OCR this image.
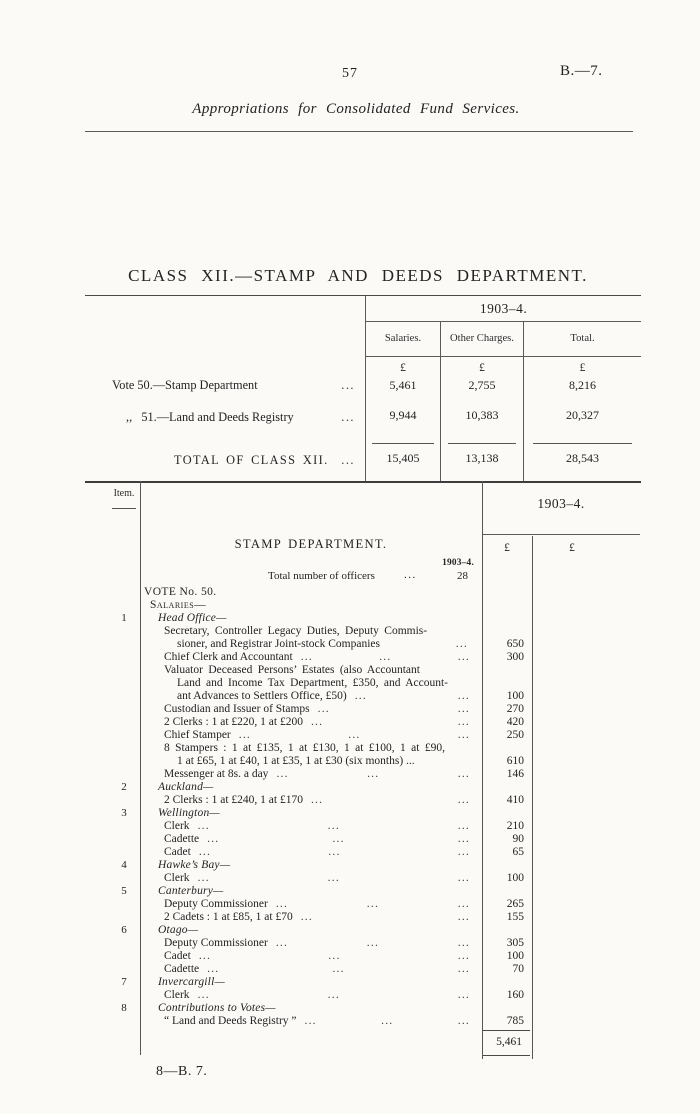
57	B.—7.
Appropriations for Consolidated Fund Services.
CLASS XII.—STAMP AND DEEDS DEPARTMENT.
1903–4.
Salaries.	Other Charges.	Total.
£	£	£
Vote 50.—Stamp Department	...	5,461	2,755	8,216
,,   51.—Land and Deeds Registry	...	9,944	10,383	20,327
TOTAL OF CLASS XII.	...	15,405	13,138	28,543
Item.
1903–4.
£	£
STAMP DEPARTMENT.
1903–4.
Total number of officers	...	28
VOTE No. 50.
Salaries—
1	Head Office—
Secretary, Controller Legacy Duties, Deputy Commis-
sioner, and Registrar Joint-stock Companies	...	650
Chief Clerk and Accountant ... ... ...	300
Valuator Deceased Persons’ Estates (also Accountant
Land and Income Tax Department, £350, and Account-
ant Advances to Settlers Office, £50) ... ...	100
Custodian and Issuer of Stamps ... ...	270
2 Clerks : 1 at £220, 1 at £200 ... ...	420
Chief Stamper ... ... ...	250
8 Stampers : 1 at £135, 1 at £130, 1 at £100, 1 at £90,
1 at £65, 1 at £40, 1 at £35, 1 at £30 (six months) ...	610
Messenger at 8s. a day ... ... ...	146
2	Auckland—
2 Clerks : 1 at £240, 1 at £170 ... ...	410
3	Wellington—
Clerk ... ... ...	210
Cadette ... ... ...	90
Cadet ... ... ...	65
4	Hawke’s Bay—
Clerk ... ... ...	100
5	Canterbury—
Deputy Commissioner ... ... ...	265
2 Cadets : 1 at £85, 1 at £70 ... ...	155
6	Otago—
Deputy Commissioner ... ... ...	305
Cadet ... ... ...	100
Cadette ... ... ...	70
7	Invercargill—
Clerk ... ... ...	160
8	Contributions to Votes—
“ Land and Deeds Registry ” ... ... ...	785
5,461
8—B. 7.
